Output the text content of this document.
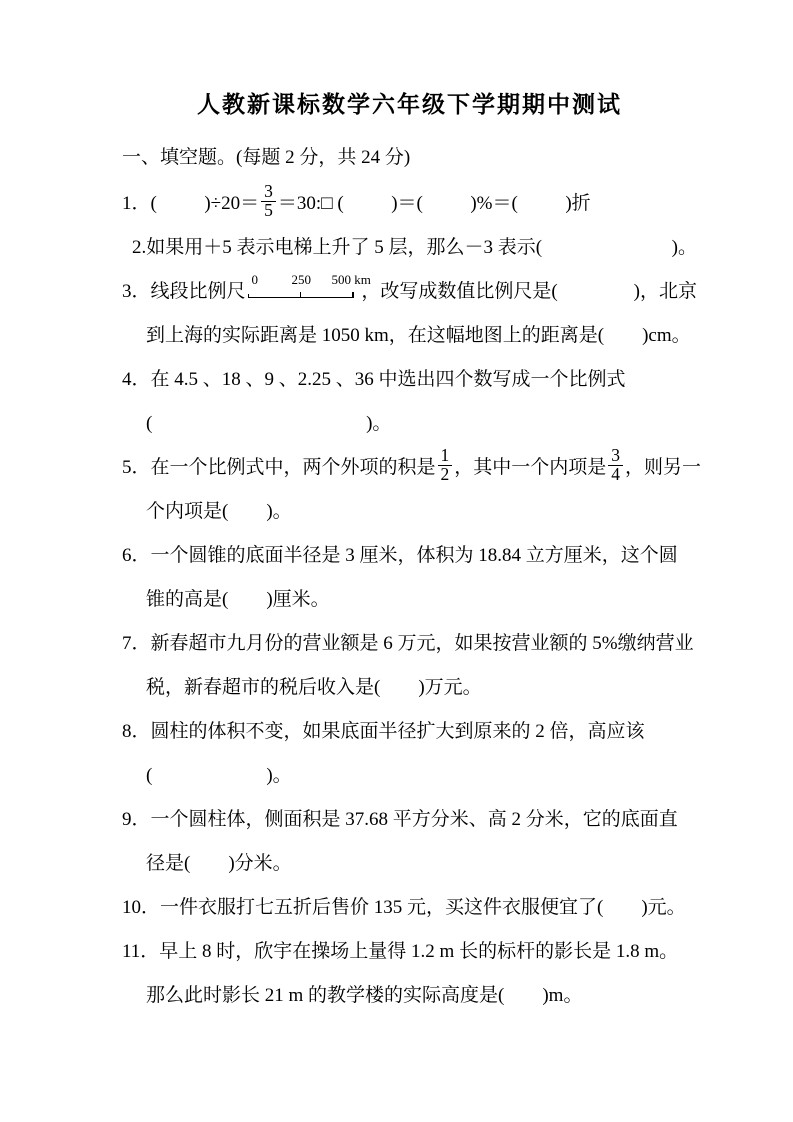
人教新课标数学六年级下学期期中测试
一、填空题。(每题 2 分，共 24 分)
1． (          )$\div 20= \frac{3}{5}$ ＝30:□ (          )＝(          )%＝(          )折
2.如果用＋5 表示电梯上升了 5 层，那么－3 表示(	)。
3． 线段比例尺

0

	250

500 km

，改写成数值比例尺是(                )，北京
到上海的实际距离是 1050 km，在这幅地图上的距离是(        )cm。
4． 在 4.5 、18 、9 、2.25 、36 中选出四个数写成一个比例式
(                                             )。
5． 在一个比例式中，两个外项的积是 $\frac{1}{2}$ ，其中一个内项是 $\frac{3}{4}$ ，则另一
个内项是(        )。
6． 一个圆锥的底面半径是 3 厘米，体积为 18.84 立方厘米，这个圆
锥的高是(        )厘米。
7． 新春超市九月份的营业额是 6 万元，如果按营业额的 5%缴纳营业
税，新春超市的税后收入是(        )万元。
8． 圆柱的体积不变，如果底面半径扩大到原来的 2 倍，高应该
(                        )。
9． 一个圆柱体，侧面积是 37.68 平方分米、高 2 分米，它的底面直
径是(        )分米。
10． 一件衣服打七五折后售价 135 元，买这件衣服便宜了(        )元。
11． 早上 8 时，欣宇在操场上量得 1.2 m 长的标杆的影长是 1.8 m。
那么此时影长 21 m 的教学楼的实际高度是(        )m。
